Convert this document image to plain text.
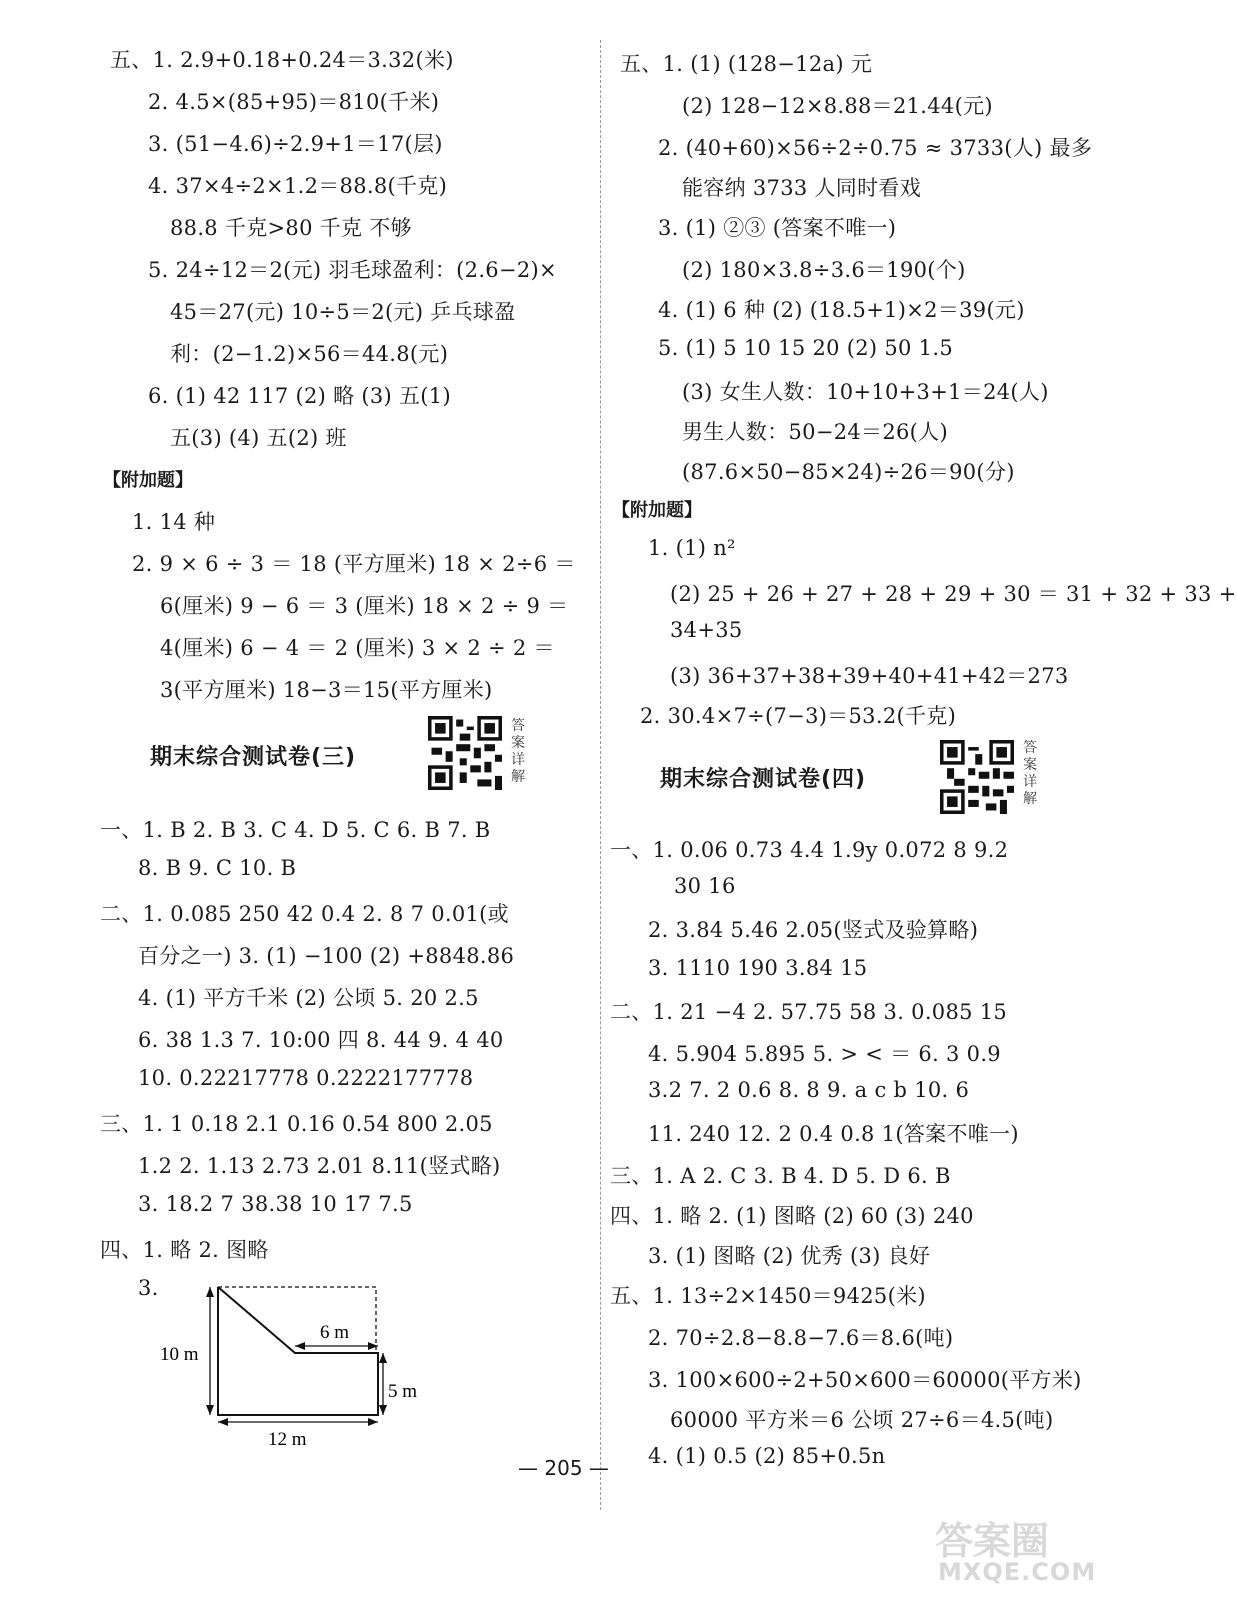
五、1. 2.9+0.18+0.24＝3.32(米)
2. 4.5×(85+95)＝810(千米)
3. (51−4.6)÷2.9+1＝17(层)
4. 37×4÷2×1.2＝88.8(千克)
88.8 千克>80 千克 不够
5. 24÷12＝2(元) 羽毛球盈利：(2.6−2)×
45＝27(元) 10÷5＝2(元) 乒乓球盈
利：(2−1.2)×56＝44.8(元)
6. (1) 42 117 (2) 略 (3) 五(1)
五(3) (4) 五(2) 班
【附加题】
1. 14 种
2. 9 × 6 ÷ 3 ＝ 18 (平方厘米) 18 × 2÷6 ＝
6(厘米) 9 − 6 ＝ 3 (厘米) 18 × 2 ÷ 9 ＝
4(厘米) 6 − 4 ＝ 2 (厘米) 3 × 2 ÷ 2 ＝
3(平方厘米) 18−3＝15(平方厘米)
期末综合测试卷(三)
答案详解
一、1. B 2. B 3. C 4. D 5. C 6. B 7. B
8. B 9. C 10. B
二、1. 0.085 250 42 0.4 2. 8 7 0.01(或
百分之一) 3. (1) −100 (2) +8848.86
4. (1) 平方千米 (2) 公顷 5. 20 2.5
6. 38 1.3 7. 10:00 四 8. 44 9. 4 40
10. 0.22217778 0.2222177778
三、1. 1 0.18 2.1 0.16 0.54 800 2.05
1.2 2. 1.13 2.73 2.01 8.11(竖式略)
3. 18.2 7 38.38 10 17 7.5
四、1. 略 2. 图略
3.
6 m
10 m
5 m
12 m
五、1. (1) (128−12a) 元
(2) 128−12×8.88＝21.44(元)
2. (40+60)×56÷2÷0.75 ≈ 3733(人) 最多
能容纳 3733 人同时看戏
3. (1) ②③ (答案不唯一)
(2) 180×3.8÷3.6＝190(个)
4. (1) 6 种 (2) (18.5+1)×2＝39(元)
5. (1) 5 10 15 20 (2) 50 1.5
(3) 女生人数：10+10+3+1＝24(人)
男生人数：50−24＝26(人)
(87.6×50−85×24)÷26＝90(分)
【附加题】
1. (1) n²
(2) 25 + 26 + 27 + 28 + 29 + 30 ＝ 31 + 32 + 33 +
34+35
(3) 36+37+38+39+40+41+42＝273
2. 30.4×7÷(7−3)＝53.2(千克)
期末综合测试卷(四)
答案详解
一、1. 0.06 0.73 4.4 1.9y 0.072 8 9.2
30 16
2. 3.84 5.46 2.05(竖式及验算略)
3. 1110 190 3.84 15
二、1. 21 −4 2. 57.75 58 3. 0.085 15
4. 5.904 5.895 5. > < ＝ 6. 3 0.9
3.2 7. 2 0.6 8. 8 9. a c b 10. 6
11. 240 12. 2 0.4 0.8 1(答案不唯一)
三、1. A 2. C 3. B 4. D 5. D 6. B
四、1. 略 2. (1) 图略 (2) 60 (3) 240
3. (1) 图略 (2) 优秀 (3) 良好
五、1. 13÷2×1450＝9425(米)
2. 70÷2.8−8.8−7.6＝8.6(吨)
3. 100×600÷2+50×600＝60000(平方米)
60000 平方米＝6 公顷 27÷6＝4.5(吨)
4. (1) 0.5 (2) 85+0.5n
— 205 —
答案圈
MXQE.COM
